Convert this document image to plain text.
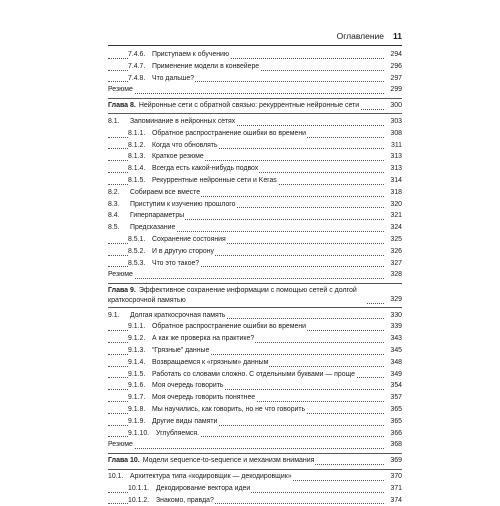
Оглавление 11
7.4.6. Приступаем к обучению	294
7.4.7. Применение модели в конвейере	296
7.4.8. Что дальше?	297
Резюме	299
Глава 8. Нейронные сети с обратной связью: рекуррентные нейронные сети	300
8.1. Запоминание в нейронных сетях	303
8.1.1. Обратное распространение ошибки во времени	308
8.1.2. Когда что обновлять	311
8.1.3. Краткое резюме	313
8.1.4. Всегда есть какой-нибудь подвох	313
8.1.5. Рекуррентные нейронные сети и Keras	314
8.2. Собираем все вместе	318
8.3. Приступим к изучению прошлого	320
8.4. Гиперпараметры	321
8.5. Предсказание	324
8.5.1. Сохранение состояния	325
8.5.2. И в другую сторону	326
8.5.3. Что это такое?	327
Резюме	328
Глава 9. Эффективное сохранение информации с помощью сетей с долгой краткосрочной памятью	329
9.1. Долгая краткосрочная память	330
9.1.1. Обратное распространение ошибки во времени	339
9.1.2. А как же проверка на практике?	343
9.1.3. “Грязные” данные	345
9.1.4. Возвращаемся к «грязным» данным	348
9.1.5. Работать со словами сложно. С отдельными буквами — проще	349
9.1.6. Моя очередь говорить	354
9.1.7. Моя очередь говорить понятнее	357
9.1.8. Мы научились, как говорить, но не что говорить	365
9.1.9. Другие виды памяти	365
9.1.10. Углубляемся.	366
Резюме	368
Глава 10. Модели sequence-to-sequence и механизм внимания	369
10.1. Архитектура типа «кодировщик — декодировщик»	370
10.1.1. Декодирование вектора идеи	371
10.1.2. Знакомо, правда?	374
